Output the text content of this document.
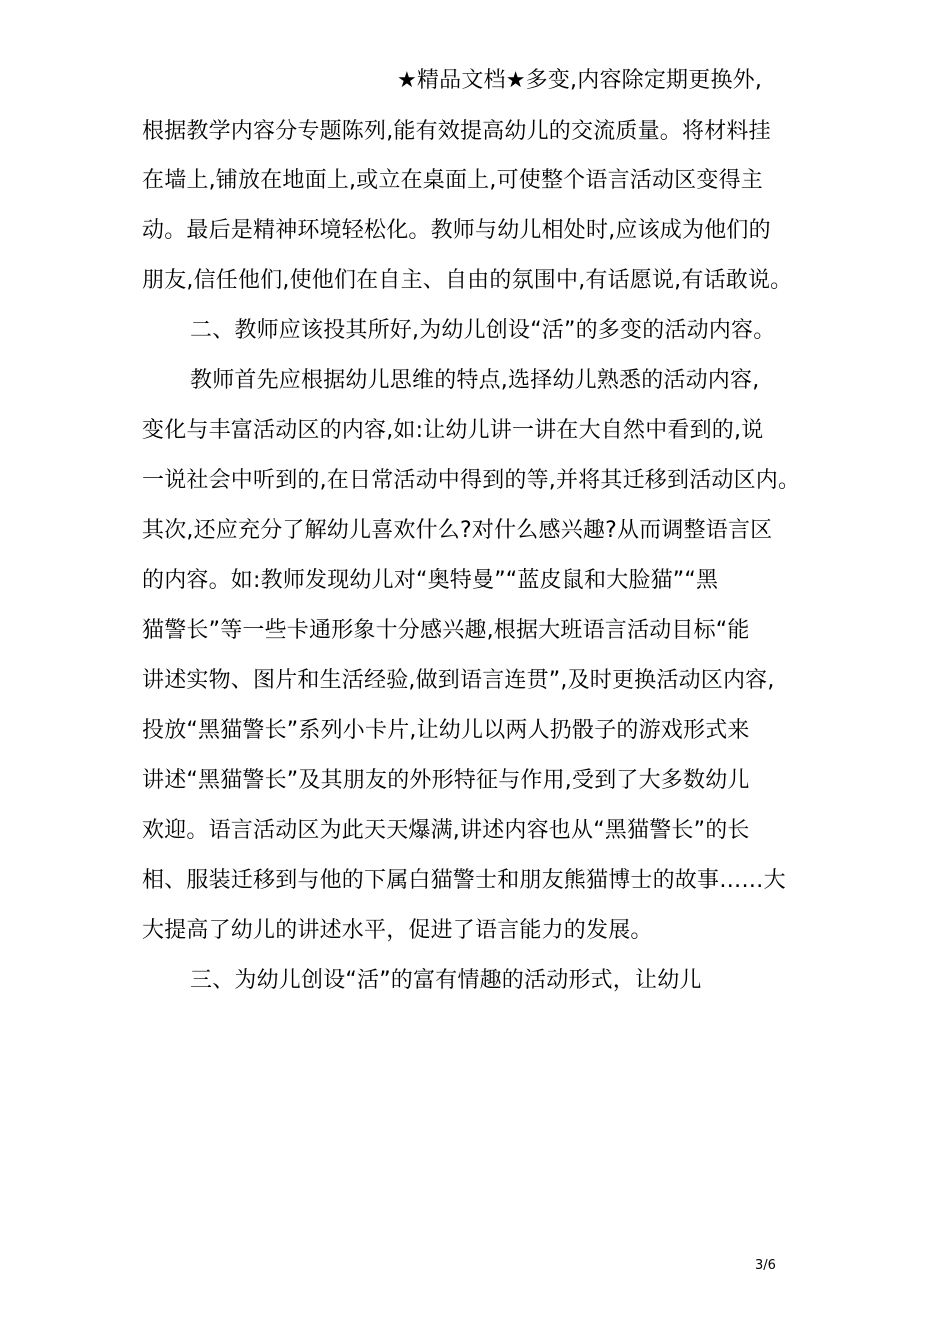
★精品文档★多变,内容除定期更换外,
根据教学内容分专题陈列,能有效提高幼儿的交流质量。将材料挂
在墙上,铺放在地面上,或立在桌面上,可使整个语言活动区变得主
动。最后是精神环境轻松化。教师与幼儿相处时,应该成为他们的
朋友,信任他们,使他们在自主、自由的氛围中,有话愿说,有话敢说。
二、教师应该投其所好,为幼儿创设“活”的多变的活动内容。
教师首先应根据幼儿思维的特点,选择幼儿熟悉的活动内容,
变化与丰富活动区的内容,如:让幼儿讲一讲在大自然中看到的,说
一说社会中听到的,在日常活动中得到的等,并将其迁移到活动区内。
其次,还应充分了解幼儿喜欢什么?对什么感兴趣?从而调整语言区
的内容。如:教师发现幼儿对“奥特曼”“蓝皮鼠和大脸猫”“黑
猫警长”等一些卡通形象十分感兴趣,根据大班语言活动目标“能
讲述实物、图片和生活经验,做到语言连贯”,及时更换活动区内容,
投放“黑猫警长”系列小卡片,让幼儿以两人扔骰子的游戏形式来
讲述“黑猫警长”及其朋友的外形特征与作用,受到了大多数幼儿
欢迎。语言活动区为此天天爆满,讲述内容也从“黑猫警长”的长
相、服装迁移到与他的下属白猫警士和朋友熊猫博士的故事……大
大提高了幼儿的讲述水平，促进了语言能力的发展。
三、为幼儿创设“活”的富有情趣的活动形式，让幼儿
3/6
